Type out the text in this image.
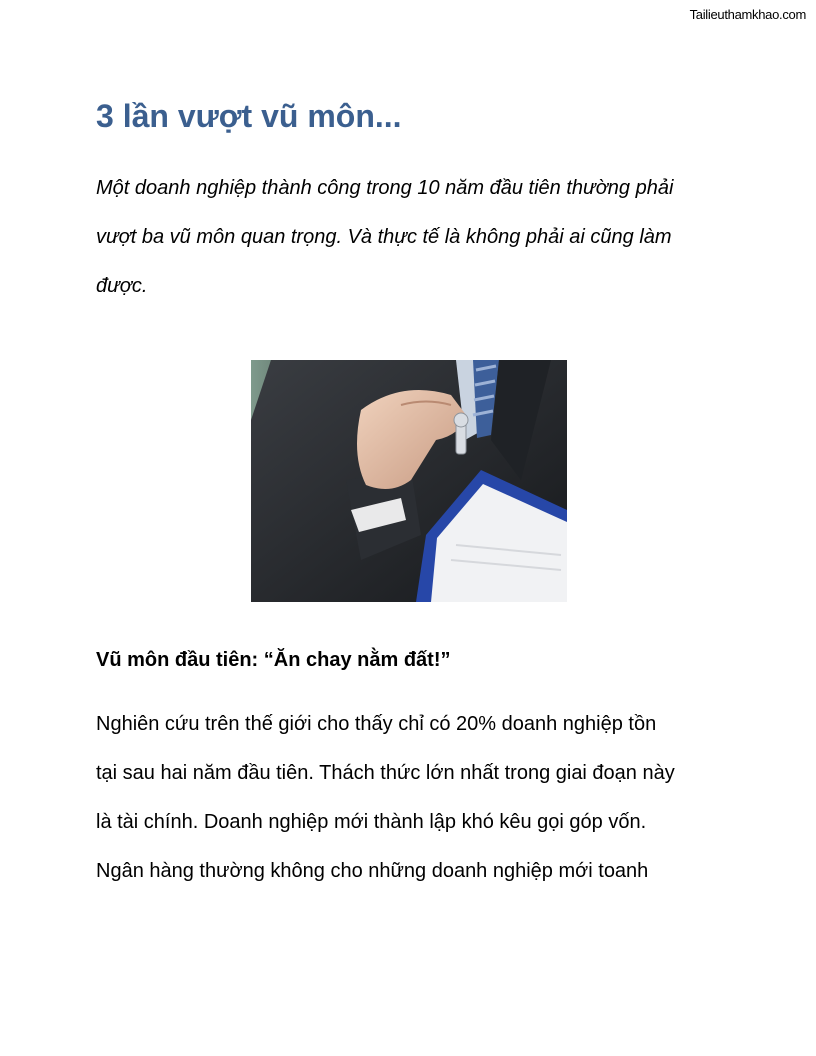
Tailieuthamkhao.com
3 lần vượt vũ môn...

Một doanh nghiệp thành công trong 10 năm đầu tiên thường phải
vượt ba vũ môn quan trọng. Và thực tế là không phải ai cũng làm
được.

Vũ môn đầu tiên: “Ăn chay nằm đất!”

Nghiên cứu trên thế giới cho thấy chỉ có 20% doanh nghiệp tồn
tại sau hai năm đầu tiên. Thách thức lớn nhất trong giai đoạn này
là tài chính. Doanh nghiệp mới thành lập khó kêu gọi góp vốn.
Ngân hàng thường không cho những doanh nghiệp mới toanh
